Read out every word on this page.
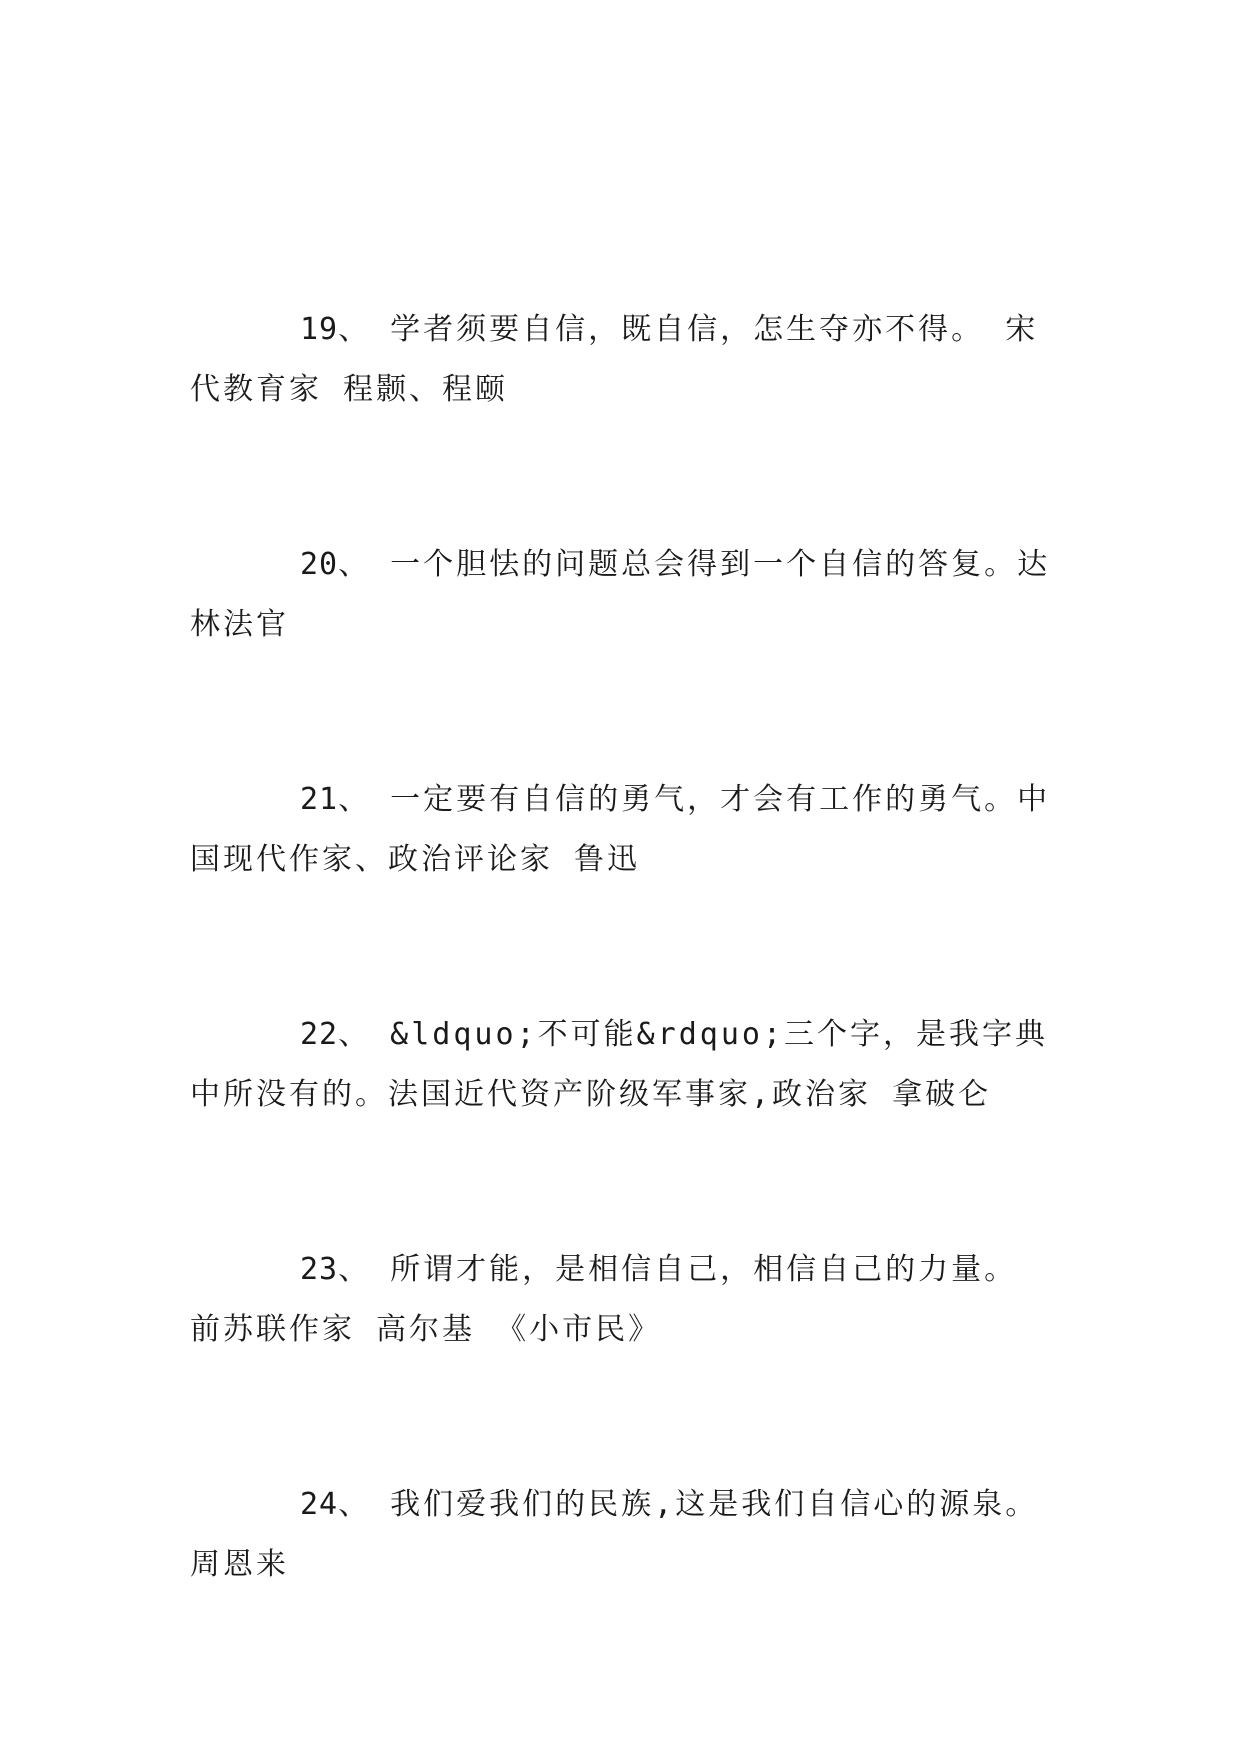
19、 学者须要自信，既自信，怎生夺亦不得。 宋代教育家 程颢、程颐

20、 一个胆怯的问题总会得到一个自信的答复。达林法官

21、 一定要有自信的勇气，才会有工作的勇气。中国现代作家、政治评论家 鲁迅

22、 &ldquo;不可能&rdquo;三个字，是我字典中所没有的。法国近代资产阶级军事家,政治家 拿破仑

23、 所谓才能，是相信自己，相信自己的力量。 前苏联作家 高尔基 《小市民》

24、 我们爱我们的民族,这是我们自信心的源泉。周恩来
